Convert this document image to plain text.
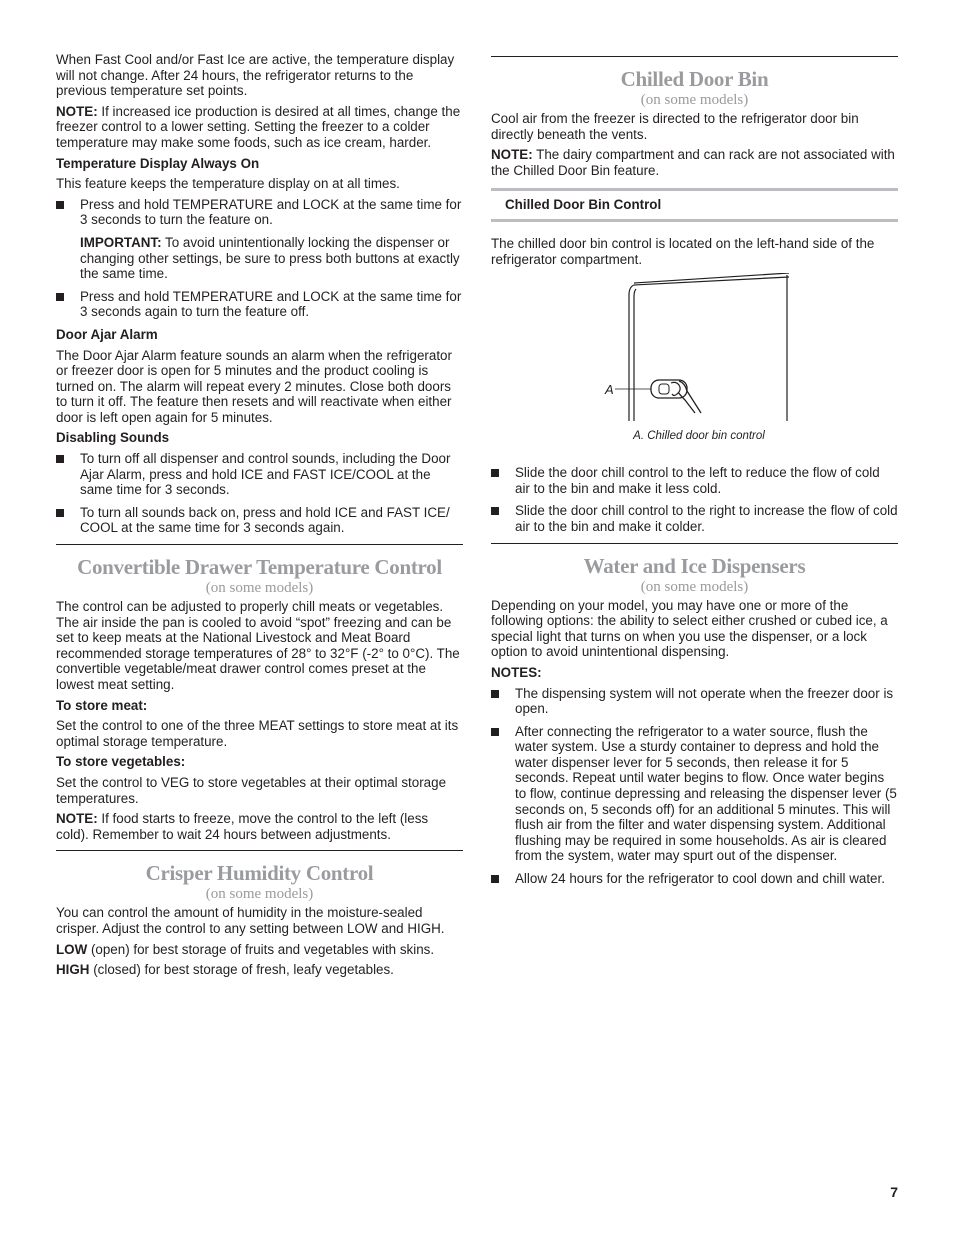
When Fast Cool and/or Fast Ice are active, the temperature display will not change. After 24 hours, the refrigerator returns to the previous temperature set points.

NOTE: If increased ice production is desired at all times, change the freezer control to a lower setting. Setting the freezer to a colder temperature may make some foods, such as ice cream, harder.

Temperature Display Always On

This feature keeps the temperature display on at all times.

Press and hold TEMPERATURE and LOCK at the same time for 3 seconds to turn the feature on.
IMPORTANT: To avoid unintentionally locking the dispenser or changing other settings, be sure to press both buttons at exactly the same time.
Press and hold TEMPERATURE and LOCK at the same time for 3 seconds again to turn the feature off.
Door Ajar Alarm

The Door Ajar Alarm feature sounds an alarm when the refrigerator or freezer door is open for 5 minutes and the product cooling is turned on. The alarm will repeat every 2 minutes. Close both doors to turn it off. The feature then resets and will reactivate when either door is left open again for 5 minutes.

Disabling Sounds
To turn off all dispenser and control sounds, including the Door Ajar Alarm, press and hold ICE and FAST ICE/COOL at the same time for 3 seconds.
To turn all sounds back on, press and hold ICE and FAST ICE/ COOL at the same time for 3 seconds again.
Convertible Drawer Temperature Control
(on some models)

The control can be adjusted to properly chill meats or vegetables. The air inside the pan is cooled to avoid “spot” freezing and can be set to keep meats at the National Livestock and Meat Board recommended storage temperatures of 28° to 32°F (-2° to 0°C). The convertible vegetable/meat drawer control comes preset at the lowest meat setting.

To store meat:

Set the control to one of the three MEAT settings to store meat at its optimal storage temperature.

To store vegetables:

Set the control to VEG to store vegetables at their optimal storage temperatures.

NOTE: If food starts to freeze, move the control to the left (less cold). Remember to wait 24 hours between adjustments.

Crisper Humidity Control
(on some models)

You can control the amount of humidity in the moisture-sealed crisper. Adjust the control to any setting between LOW and HIGH.

LOW (open) for best storage of fruits and vegetables with skins.

HIGH (closed) for best storage of fresh, leafy vegetables.

Chilled Door Bin
(on some models)

Cool air from the freezer is directed to the refrigerator door bin directly beneath the vents.

NOTE: The dairy compartment and can rack are not associated with the Chilled Door Bin feature.

Chilled Door Bin Control

The chilled door bin control is located on the left-hand side of the refrigerator compartment.

A
A. Chilled door bin control
Slide the door chill control to the left to reduce the flow of cold air to the bin and make it less cold.
Slide the door chill control to the right to increase the flow of cold air to the bin and make it colder.
Water and Ice Dispensers
(on some models)

Depending on your model, you may have one or more of the following options: the ability to select either crushed or cubed ice, a special light that turns on when you use the dispenser, or a lock option to avoid unintentional dispensing.

NOTES:
The dispensing system will not operate when the freezer door is open.
After connecting the refrigerator to a water source, flush the water system. Use a sturdy container to depress and hold the water dispenser lever for 5 seconds, then release it for 5 seconds. Repeat until water begins to flow. Once water begins to flow, continue depressing and releasing the dispenser lever (5 seconds on, 5 seconds off) for an additional 5 minutes. This will flush air from the filter and water dispensing system. Additional flushing may be required in some households. As air is cleared from the system, water may spurt out of the dispenser.
Allow 24 hours for the refrigerator to cool down and chill water.
7
